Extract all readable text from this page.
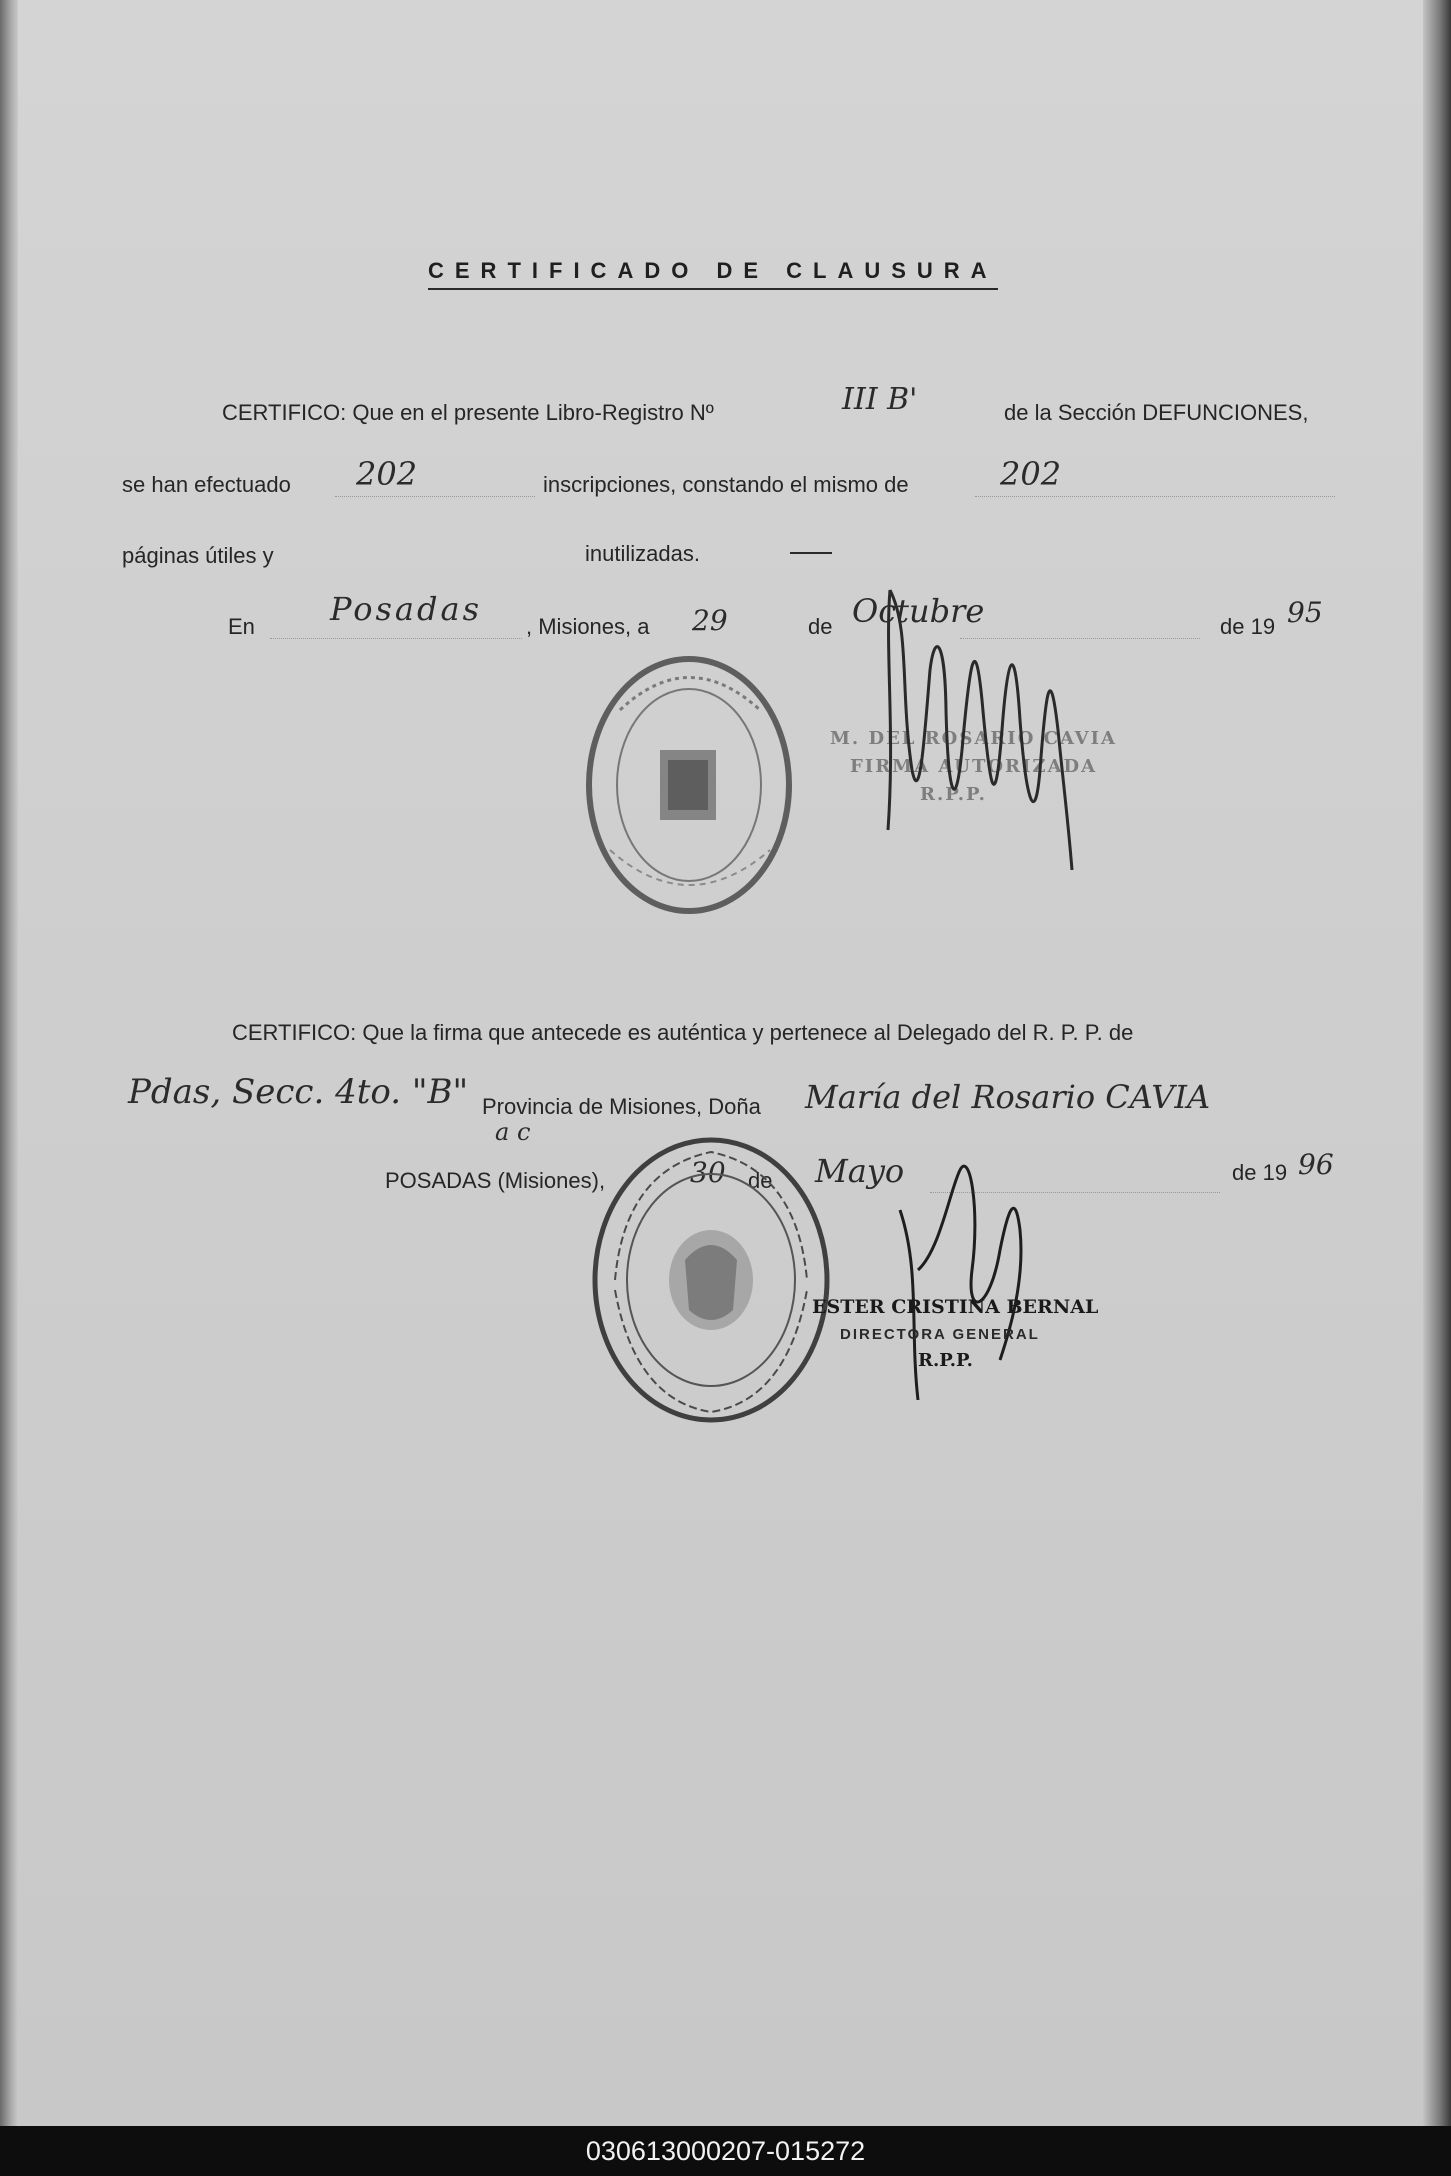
CERTIFICADO DE CLAUSURA
CERTIFICO: Que en el presente Libro-Registro Nº	III B'	de la Sección DEFUNCIONES,
se han efectuado 202	inscripciones, constando el mismo de	202
páginas útiles y	inutilizadas.
En Posadas , Misiones, a 29	de Octubre	de 19 95
M. DEL ROSARIO CAVIA
FIRMA AUTORIZADA
R.P.P.
CERTIFICO: Que la firma que antecede es auténtica y pertenece al Delegado del R. P. P. de
Pdas, Secc. 4to. "B" Provincia de Misiones, Doña María del Rosario CAVIA
a c
POSADAS (Misiones),	30 de Mayo	de 19 96
ESTER CRISTINA BERNAL
DIRECTORA GENERAL
R.P.P.
030613000207-015272
